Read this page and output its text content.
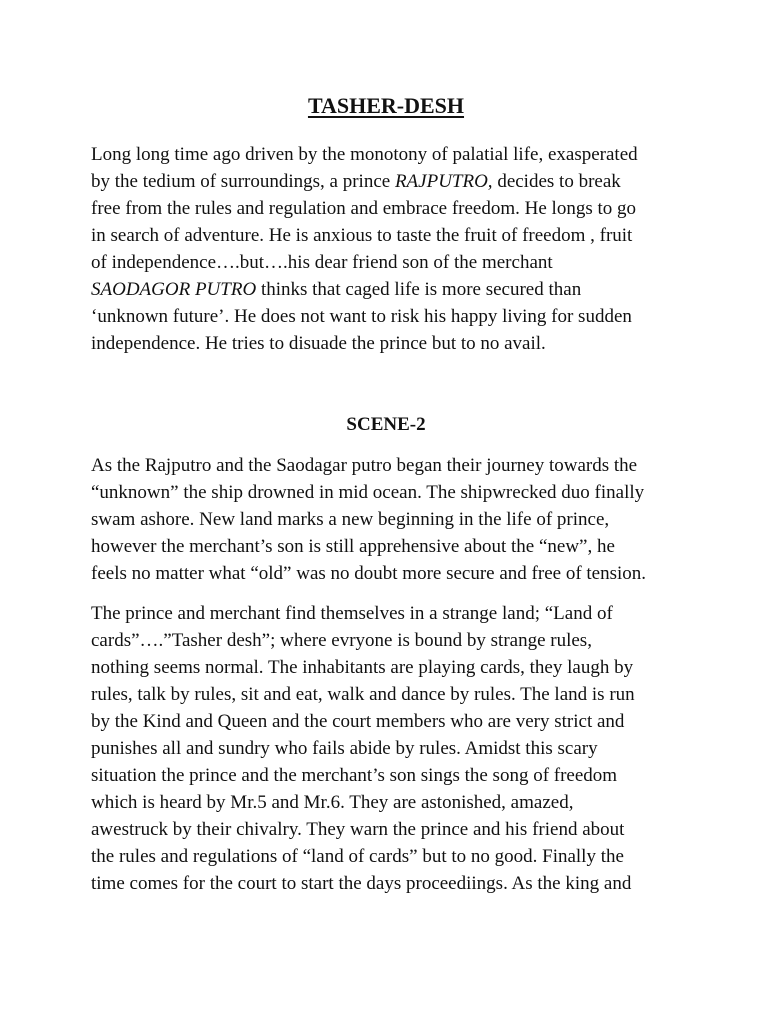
TASHER-DESH

Long long time ago driven by the monotony of palatial life, exasperated
by the tedium of surroundings, a prince RAJPUTRO, decides to break
free from the rules and regulation and embrace freedom. He longs to go
in search of adventure. He is anxious to taste the fruit of freedom , fruit
of independence….but….his dear friend son of the merchant
SAODAGOR PUTRO thinks that caged life is more secured than
‘unknown future’. He does not want to risk his happy living for sudden
independence. He tries to disuade the prince but to no avail.

SCENE-2

As the Rajputro and the Saodagar putro began their journey towards the
“unknown” the ship drowned in mid ocean. The shipwrecked duo finally
swam ashore. New land marks a new beginning in the life of prince,
however the merchant’s son is still apprehensive about the “new”, he
feels no matter what “old” was no doubt more secure and free of tension.

The prince and merchant find themselves in a strange land; “Land of
cards”….”Tasher desh”; where evryone is bound by strange rules,
nothing seems normal. The inhabitants are playing cards, they laugh by
rules, talk by rules, sit and eat, walk and dance by rules. The land is run
by the Kind and Queen and the court members who are very strict and
punishes all and sundry who fails abide by rules. Amidst this scary
situation the prince and the merchant’s son sings the song of freedom
which is heard by Mr.5 and Mr.6. They are astonished, amazed,
awestruck by their chivalry. They warn the prince and his friend about
the rules and regulations of “land of cards” but to no good. Finally the
time comes for the court to start the days proceediings. As the king and
